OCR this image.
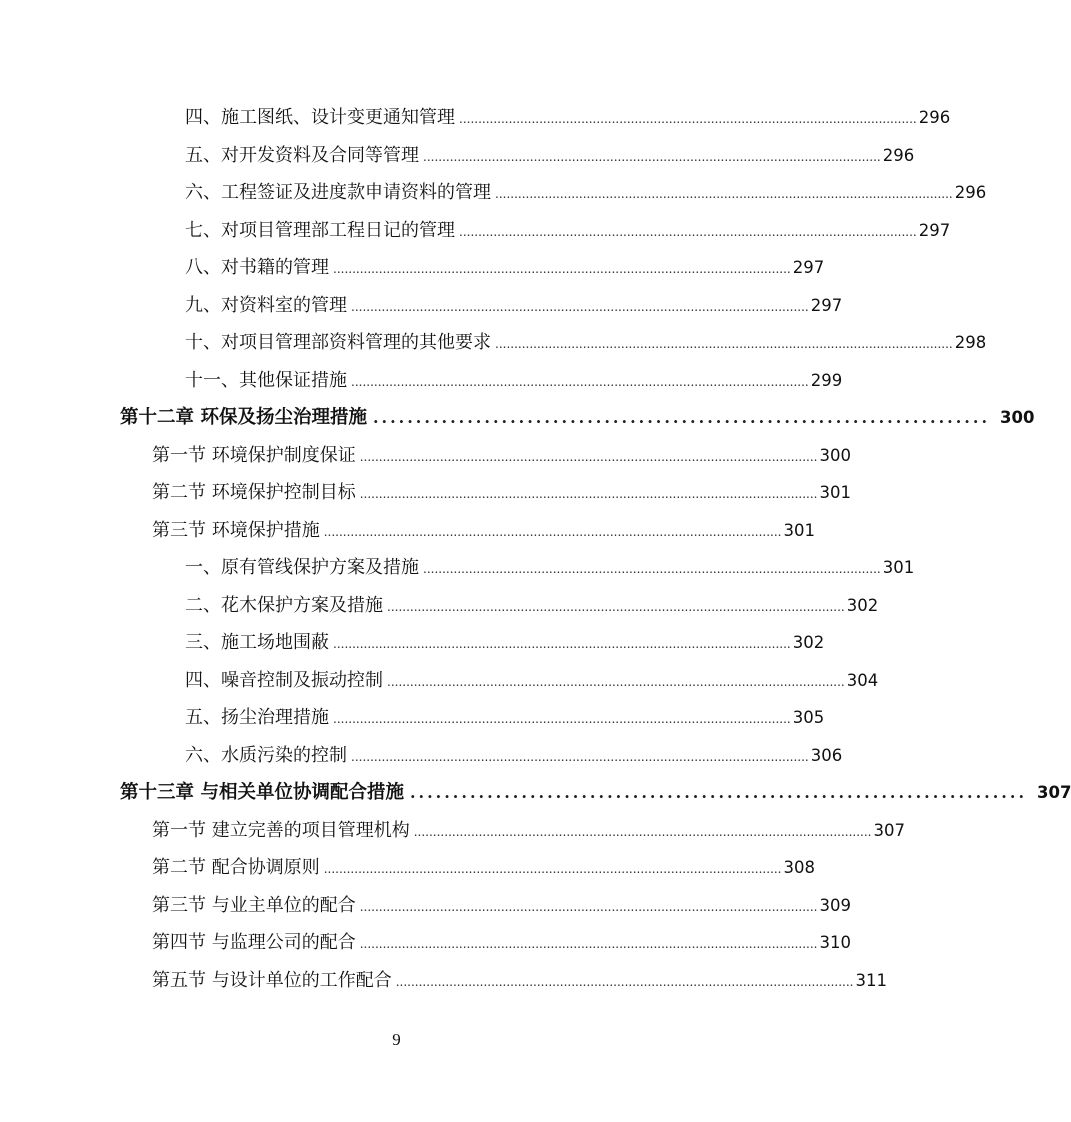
四、施工图纸、设计变更通知管理 ........................................................................................................................ 296
五、对开发资料及合同等管理 ........................................................................................................................ 296
六、工程签证及进度款申请资料的管理 ........................................................................................................................ 296
七、对项目管理部工程日记的管理 ........................................................................................................................ 297
八、对书籍的管理 ........................................................................................................................ 297
九、对资料室的管理 ........................................................................................................................ 297
十、对项目管理部资料管理的其他要求 ........................................................................................................................ 298
十一、其他保证措施 ........................................................................................................................ 299
第十二章 环保及扬尘治理措施 ........................................................................ 300
第一节 环境保护制度保证 ........................................................................................................................ 300
第二节 环境保护控制目标 ........................................................................................................................ 301
第三节 环境保护措施 ........................................................................................................................ 301
一、原有管线保护方案及措施 ........................................................................................................................ 301
二、花木保护方案及措施 ........................................................................................................................ 302
三、施工场地围蔽 ........................................................................................................................ 302
四、噪音控制及振动控制 ........................................................................................................................ 304
五、扬尘治理措施 ........................................................................................................................ 305
六、水质污染的控制 ........................................................................................................................ 306
第十三章 与相关单位协调配合措施 ........................................................................ 307
第一节 建立完善的项目管理机构 ........................................................................................................................ 307
第二节 配合协调原则 ........................................................................................................................ 308
第三节 与业主单位的配合 ........................................................................................................................ 309
第四节 与监理公司的配合 ........................................................................................................................ 310
第五节 与设计单位的工作配合 ........................................................................................................................ 311
9
